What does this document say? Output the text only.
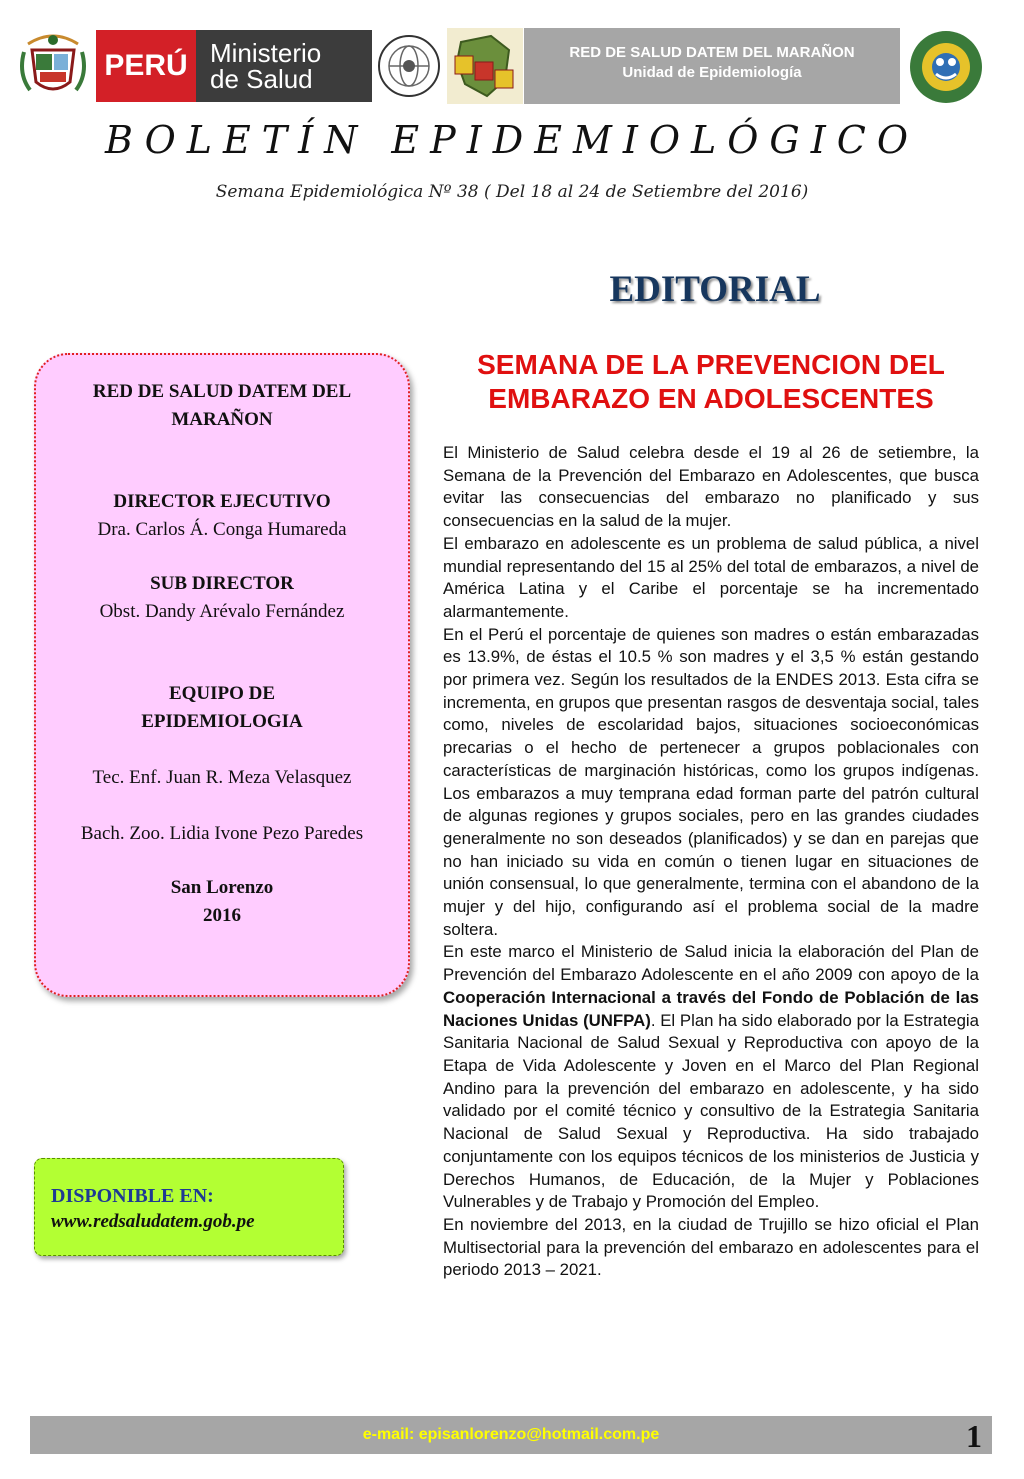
PERÚ Ministerio
de Salud
RED DE SALUD DATEM DEL MARAÑON
Unidad de Epidemiología
BOLETÍN EPIDEMIOLÓGICO
Semana Epidemiológica Nº 38 ( Del 18 al 24 de Setiembre del 2016)
EDITORIAL
RED DE SALUD DATEM DEL
MARAÑON
DIRECTOR EJECUTIVO
Dra. Carlos Á. Conga Humareda
SUB DIRECTOR
Obst. Dandy Arévalo Fernández
EQUIPO DE
EPIDEMIOLOGIA
Tec. Enf. Juan R. Meza Velasquez
Bach. Zoo. Lidia Ivone Pezo Paredes
San Lorenzo
2016
DISPONIBLE EN:
www.redsaludatem.gob.pe
SEMANA DE LA PREVENCION DEL EMBARAZO EN ADOLESCENTES

El Ministerio de Salud celebra desde el 19 al 26 de setiembre, la Semana de la Prevención del Embarazo en Adolescentes, que busca evitar las consecuencias del embarazo no planificado y sus consecuencias en la salud de la mujer.

El embarazo en adolescente es un problema de salud pública, a nivel mundial representando del 15 al 25% del total de embarazos, a nivel de América Latina y el Caribe el porcentaje se ha incrementado alarmantemente.

En el Perú el porcentaje de quienes son madres o están embarazadas es 13.9%, de éstas el 10.5 % son madres y el 3,5 % están gestando por primera vez. Según los resultados de la ENDES 2013. Esta cifra se incrementa, en grupos que presentan rasgos de desventaja social, tales como, niveles de escolaridad bajos, situaciones socioeconómicas precarias o el hecho de pertenecer a grupos poblacionales con características de marginación históricas, como los grupos indígenas. Los embarazos a muy temprana edad forman parte del patrón cultural de algunas regiones y grupos sociales, pero en las grandes ciudades generalmente no son deseados (planificados) y se dan en parejas que no han iniciado su vida en común o tienen lugar en situaciones de unión consensual, lo que generalmente, termina con el abandono de la mujer y del hijo, configurando así el problema social de la madre soltera.

En este marco el Ministerio de Salud inicia la elaboración del Plan de Prevención del Embarazo Adolescente en el año 2009 con apoyo de la Cooperación Internacional a través del Fondo de Población de las Naciones Unidas (UNFPA). El Plan ha sido elaborado por la Estrategia Sanitaria Nacional de Salud Sexual y Reproductiva con apoyo de la Etapa de Vida Adolescente y Joven en el Marco del Plan Regional Andino para la prevención del embarazo en adolescente, y ha sido validado por el comité técnico y consultivo de la Estrategia Sanitaria Nacional de Salud Sexual y Reproductiva. Ha sido trabajado conjuntamente con los equipos técnicos de los ministerios de Justicia y Derechos Humanos, de Educación, de la Mujer y Poblaciones Vulnerables y de Trabajo y Promoción del Empleo.

En noviembre del 2013, en la ciudad de Trujillo se hizo oficial el Plan Multisectorial para la prevención del embarazo en adolescentes para el periodo 2013 – 2021.

e-mail: episanlorenzo@hotmail.com.pe	1
